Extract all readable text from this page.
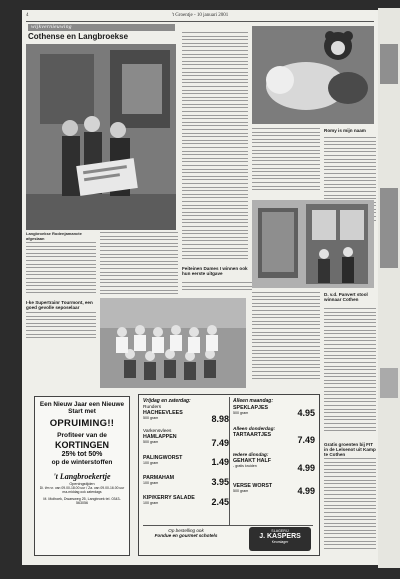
4	't Groentje - 10 januari 2001
wijkvernieuwing
Cothense en Langbroekse
Langbroekse Rodenjamancte afgeslaan
I-ke Supertrainr Tourmont, een goed gevolle seposelaar
Feiteinen Dames I winnen ook hun eerste uitgave
Romy is mijn naam
D. v.d. Panvert stool winnaar Cothen
Gratis groenten bij FIT in de Lelsenot uit Kamp te Cothen
Een Nieuw Jaar een Nieuwe Start met
OPRUIMING!!
Profiteer van de
KORTINGEN
25% tot 50%
op de winterstoffen
't Langbroekertje
Openingstijden
Di. t/m vr. van 09.00-18.00 uur / Za. van 09.00-16.00 uur
ma-middag ook zaterdags
M. Molhoek, Dwarsweg 25, Langbroek tel. 0343-563056
Vrijdag en zaterdag:	Alleen maandag:
Runders
HACHEEVLEES
500 gram	8.98
Varkensvlees
HAMLAPPEN
500 gram	7.49
PALINGWORST
100 gram	1.49
PARMAHAM
100 gram	3.95
KIP/KERRY SALADE
100 gram	2.45
SPEKLAPJES
500 gram	4.95
Alleen donderdag:
TARTAARTJES	7.49
Iedere dinsdag:
GEHAKT HALF
- gratis kruiden	4.99
VERSE WORST
500 gram	4.99
Op bestelling ook
Fondue en gourmet schotels
SLAGERIJ
J. KASPERS
Keurslager
